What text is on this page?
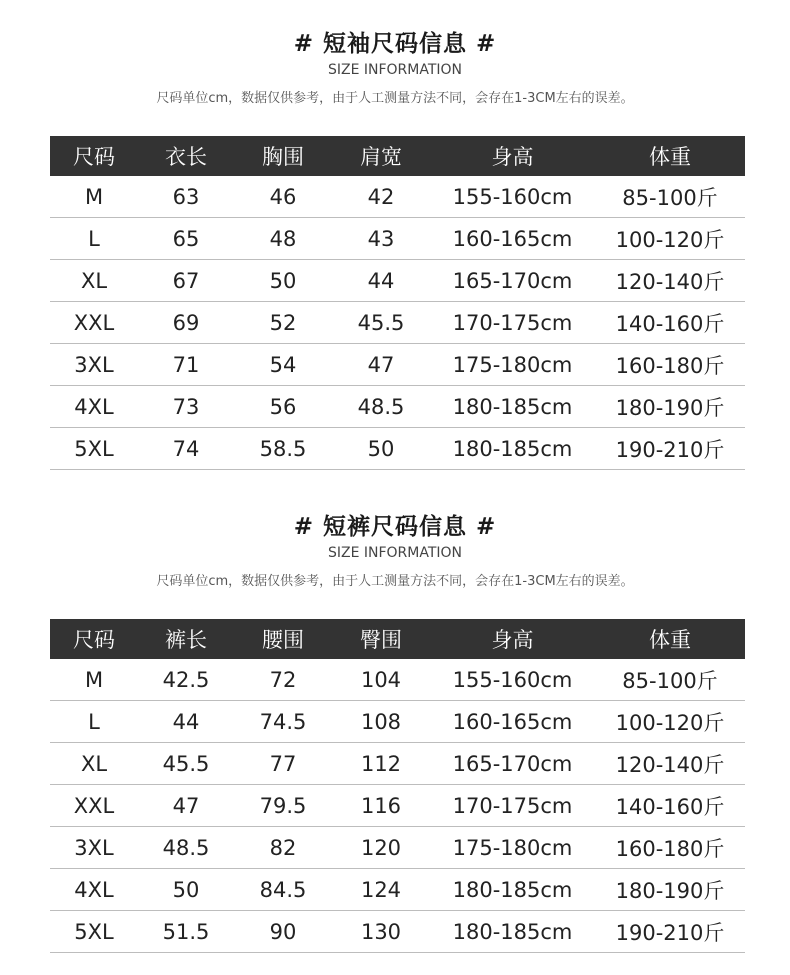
# 短袖尺码信息 #
SIZE INFORMATION
尺码单位cm，数据仅供参考，由于人工测量方法不同，会存在1-3CM左右的误差。
尺码	衣长	胸围	肩宽	身高	体重
M	63	46	42	155-160cm	85-100斤
L	65	48	43	160-165cm	100-120斤
XL	67	50	44	165-170cm	120-140斤
XXL	69	52	45.5	170-175cm	140-160斤
3XL	71	54	47	175-180cm	160-180斤
4XL	73	56	48.5	180-185cm	180-190斤
5XL	74	58.5	50	180-185cm	190-210斤
# 短裤尺码信息 #
SIZE INFORMATION
尺码单位cm，数据仅供参考，由于人工测量方法不同，会存在1-3CM左右的误差。
尺码	裤长	腰围	臀围	身高	体重
M	42.5	72	104	155-160cm	85-100斤
L	44	74.5	108	160-165cm	100-120斤
XL	45.5	77	112	165-170cm	120-140斤
XXL	47	79.5	116	170-175cm	140-160斤
3XL	48.5	82	120	175-180cm	160-180斤
4XL	50	84.5	124	180-185cm	180-190斤
5XL	51.5	90	130	180-185cm	190-210斤
